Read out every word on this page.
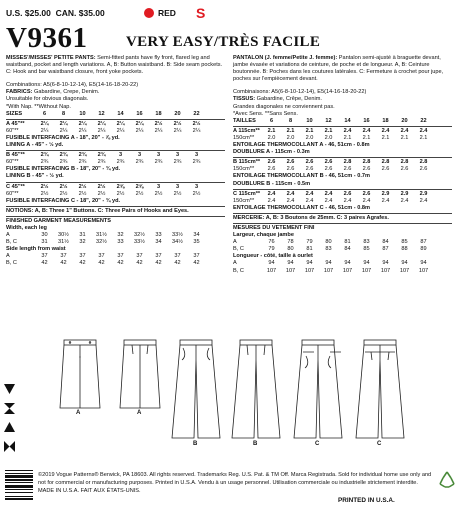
U.S. $25.00  CAN. $35.00	RED S
V9361	VERY EASY/TRÈS FACILE
MISSES'/MISSES' PETITE PANTS: Semi-fitted pants have fly front, flared leg and waistband, pocket and length variations. A, B: Button waistband. B: Side seam pockets. C: Hook and bar waistband closure, front yoke pockets.
Combinations: A5(6-8-10-12-14), E5(14-16-18-20-22)
FABRICS: Gabardine, Crepe, Denim.
Unsuitable for obvious diagonals.
*With Nap. **Without Nap.
SIZES	6	8	10	12	14	16	18	20	22
A 45"**	2¼	2¼	2¼	2¼	2¼	2¼	2½	2½	2½
60"**	2¼	2¼	2¼	2¼	2¼	2¼	2¼	2¼	2¼
FUSIBLE INTERFACING A - 18", 20" - ⅞ yd.
LINING A - 45" - ½ yd.
B 45"**	2¾	2¾	2¾	2¾	3	3	3	3	3
60"**	2¾	2¾	2¾	2¾	2¾	2¾	2¾	2¾	2¾
FUSIBLE INTERFACING B - 18", 20" - ¾ yd.
LINING B - 45" - ½ yd.
C 45"**	2½	2½	2½	2½	2⅝	2⅝	3	3	3
60"**	2½	2½	2½	2½	2½	2½	2½	2½	2½
FUSIBLE INTERFACING C - 18", 20" - ¾ yd.
NOTIONS: A, B: Three 1" Buttons. C: Three Pairs of Hooks and Eyes.
FINISHED GARMENT MEASUREMENTS
Width, each leg
A	30	30½	31	31½	32	32½	33	33½	34
B, C	31	31½	32	32½	33	33½	34	34½	35
Side length from waist
A	37	37	37	37	37	37	37	37	37
B, C	42	42	42	42	42	42	42	42	42
PANTALON (J. femme/Petite J. femme): Pantalon semi-ajusté à braguette devant, jambe évasée et variations de ceinture, de poche et de longueur. A, B: Ceinture boutonnée. B: Poches dans les coutures latérales. C: Fermeture à crochet pour jupe, poches sur l'empiècement devant.
Combinaisons: A5(6-8-10-12-14), E5(14-16-18-20-22)
TISSUS: Gabardine, Crêpe, Denim.
Grandes diagonales ne conviennent pas.
*Avec Sens. **Sans Sens.
TAILLES	6	8	10	12	14	16	18	20	22
A 115cm**	2.1	2.1	2.1	2.1	2.4	2.4	2.4	2.4	2.4
150cm**	2.0	2.0	2.0	2.0	2.1	2.1	2.1	2.1	2.1
ENTOILAGE THERMOCOLLANT A - 46, 51cm - 0.8m
DOUBLURE A - 115cm - 0.3m
B 115cm**	2.6	2.6	2.6	2.6	2.8	2.8	2.8	2.8	2.8
150cm**	2.6	2.6	2.6	2.6	2.6	2.6	2.6	2.6	2.6
ENTOILAGE THERMOCOLLANT B - 46, 51cm - 0.7m
DOUBLURE B - 115cm - 0.5m
C 115cm**	2.4	2.4	2.4	2.4	2.6	2.6	2.9	2.9	2.9
150cm**	2.4	2.4	2.4	2.4	2.4	2.4	2.4	2.4	2.4
ENTOILAGE THERMOCOLLANT C - 46, 51cm - 0.8m
MERCERIE: A, B: 3 Boutons de 25mm. C: 3 paires Agrafes.
MESURES DU VÊTEMENT FINI
Largeur, chaque jambe
A	76	78	79	80	81	83	84	85	87
B, C	79	80	81	83	84	85	87	88	89
Longueur - côté, taille à ourlet
A	94	94	94	94	94	94	94	94	94
B, C	107	107	107	107	107	107	107	107	107

A	A
B	B	C	C
©2019 Vogue Patterns® Berwick, PA 18603. All rights reserved. Trademarks Reg. U.S. Pat. & TM Off. Marca Registrada. Sold for individual home use only and not for commercial or manufacturing purposes. Printed in U.S.A. Vendu à un usage personnel. Utilisation commerciale ou industrielle strictement interdite. MADE IN U.S.A. FAIT AUX ÉTATS-UNIS.
PRINTED IN U.S.A.
